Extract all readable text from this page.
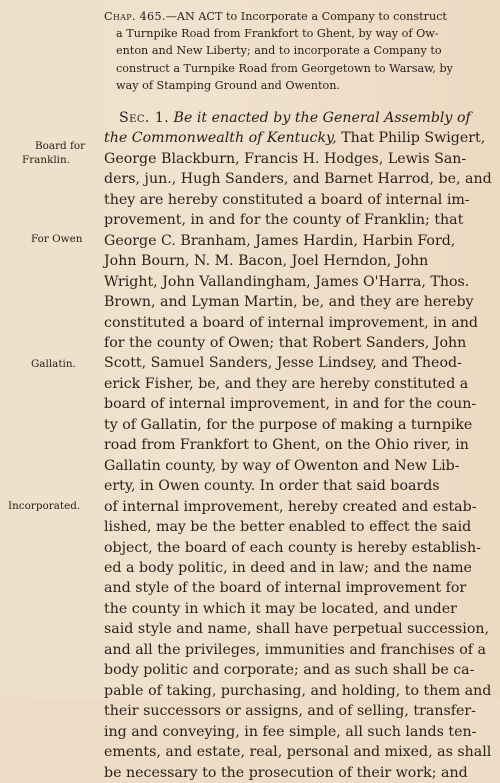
Chap. 465.—AN ACT to Incorporate a Company to construct
a Turnpike Road from Frankfort to Ghent, by way of Ow-
enton and New Liberty; and to incorporate a Company to
construct a Turnpike Road from Georgetown to Warsaw, by
way of Stamping Ground and Owenton.
Sec. 1. Be it enacted by the General Assembly of
the Commonwealth of Kentucky, That Philip Swigert,
George Blackburn, Francis H. Hodges, Lewis San-
ders, jun., Hugh Sanders, and Barnet Harrod, be, and
they are hereby constituted a board of internal im-
provement, in and for the county of Franklin; that
George C. Branham, James Hardin, Harbin Ford,
John Bourn, N. M. Bacon, Joel Herndon, John
Wright, John Vallandingham, James O'Harra, Thos.
Brown, and Lyman Martin, be, and they are hereby
constituted a board of internal improvement, in and
for the county of Owen; that Robert Sanders, John
Scott, Samuel Sanders, Jesse Lindsey, and Theod-
erick Fisher, be, and they are hereby constituted a
board of internal improvement, in and for the coun-
ty of Gallatin, for the purpose of making a turnpike
road from Frankfort to Ghent, on the Ohio river, in
Gallatin county, by way of Owenton and New Lib-
erty, in Owen county. In order that said boards
of internal improvement, hereby created and estab-
lished, may be the better enabled to effect the said
object, the board of each county is hereby establish-
ed a body politic, in deed and in law; and the name
and style of the board of internal improvement for
the county in which it may be located, and under
said style and name, shall have perpetual succession,
and all the privileges, immunities and franchises of a
body politic and corporate; and as such shall be ca-
pable of taking, purchasing, and holding, to them and
their successors or assigns, and of selling, transfer-
ing and conveying, in fee simple, all such lands ten-
ements, and estate, real, personal and mixed, as shall
be necessary to the prosecution of their work; and
Board for
Franklin.
For Owen
Gallatin.
Incorporated.
